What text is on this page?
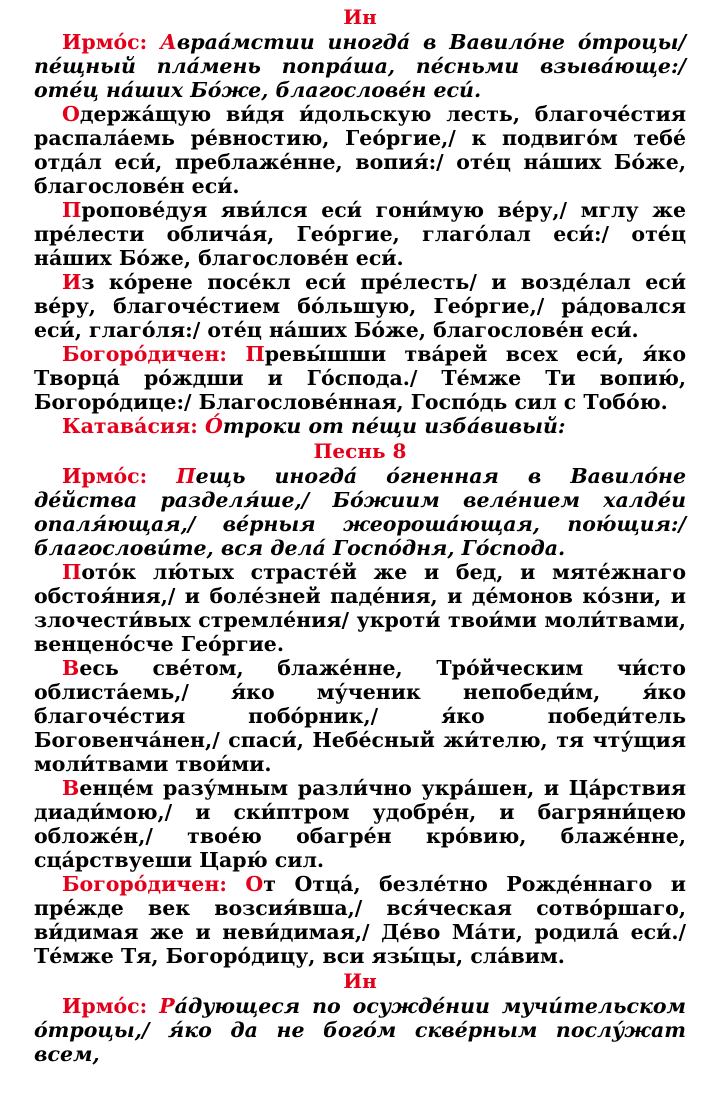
Ин

Ирмо́с: Авраа́мстии иногда́ в Вавило́не о́троцы/ пе́щный пла́мень попра́ша, пе́сньми взыва́юще:/ оте́ц на́ших Бо́же, благослове́н еси́.

Одержа́щую ви́дя и́дольскую лесть, благоче́стия распала́емь ре́вностию, Гео́ргие,/ к подвиго́м тебе́ отда́л еси́, преблаже́нне, вопия́:/ оте́ц на́ших Бо́же, благослове́н еси́.

Пpопове́дуя яви́лся еси́ гони́мую ве́ру,/ мглу же пре́лести облича́я, Гео́ргие, глаго́лал еси́:/ оте́ц на́ших Бо́же, благослове́н еси́.

Из ко́рене посе́кл еси́ пре́лесть/ и возде́лал еси́ ве́ру, благоче́стием бо́льшую, Гео́ргие,/ ра́довался еси́, глаго́ля:/ оте́ц на́ших Бо́же, благослове́н еси́.

Богоро́дичен: Превы́шши тва́рей всех еси́, я́ко Творца́ ро́ждши и Го́спода./ Те́мже Ти вопию́, Богоро́дице:/ Благослове́нная, Госпо́дь сил с Тобо́ю.

Катава́сия: О́троки от пе́щи изба́вивый:

Песнь 8

Ирмо́с: Пещь иногда́ о́гненная в Вавило́не де́йства разделя́ше,/ Бо́жиим веле́нием халде́и опаля́ющая,/ ве́рныя жеороша́ющая, пою́щия:/ благослови́те, вся дела́ Госпо́дня, Го́спода.

Пото́к лю́тых страсте́й же и бед, и мяте́жнаго обстоя́ния,/ и боле́зней паде́ния, и де́монов ко́зни, и злочести́вых стремле́ния/ укроти́ твои́ми моли́твами, венцено́сче Гео́ргие.

Весь све́том, блаже́нне, Тро́йческим чи́сто облиста́емь,/ я́ко му́ченик непобеди́м, я́ко благоче́стия побо́рник,/ я́ко победи́тель Боговенча́нен,/ спаси́, Небе́сный жи́телю, тя чту́щия моли́твами твои́ми.

Венце́м разу́мным разли́чно укра́шен, и Ца́рствия диади́мою,/ и ски́птром удобре́н, и багряни́цею обложе́н,/ твое́ю обагре́н кро́вию, блаже́нне, сца́рствуеши Царю́ сил.

Богоро́дичен: От Отца́, безле́тно Рожде́ннаго и пре́жде век возсия́вша,/ вся́ческая сотво́ршаго, ви́димая же и неви́димая,/ Де́во Ма́ти, родила́ еси́./ Те́мже Тя, Богоро́дицу, вси язы́цы, сла́вим.

Ин

Ирмо́с: Ра́дующеся по осужде́нии мучи́тельском о́троцы,/ я́ко да не бого́м скве́рным послу́жат всем,
